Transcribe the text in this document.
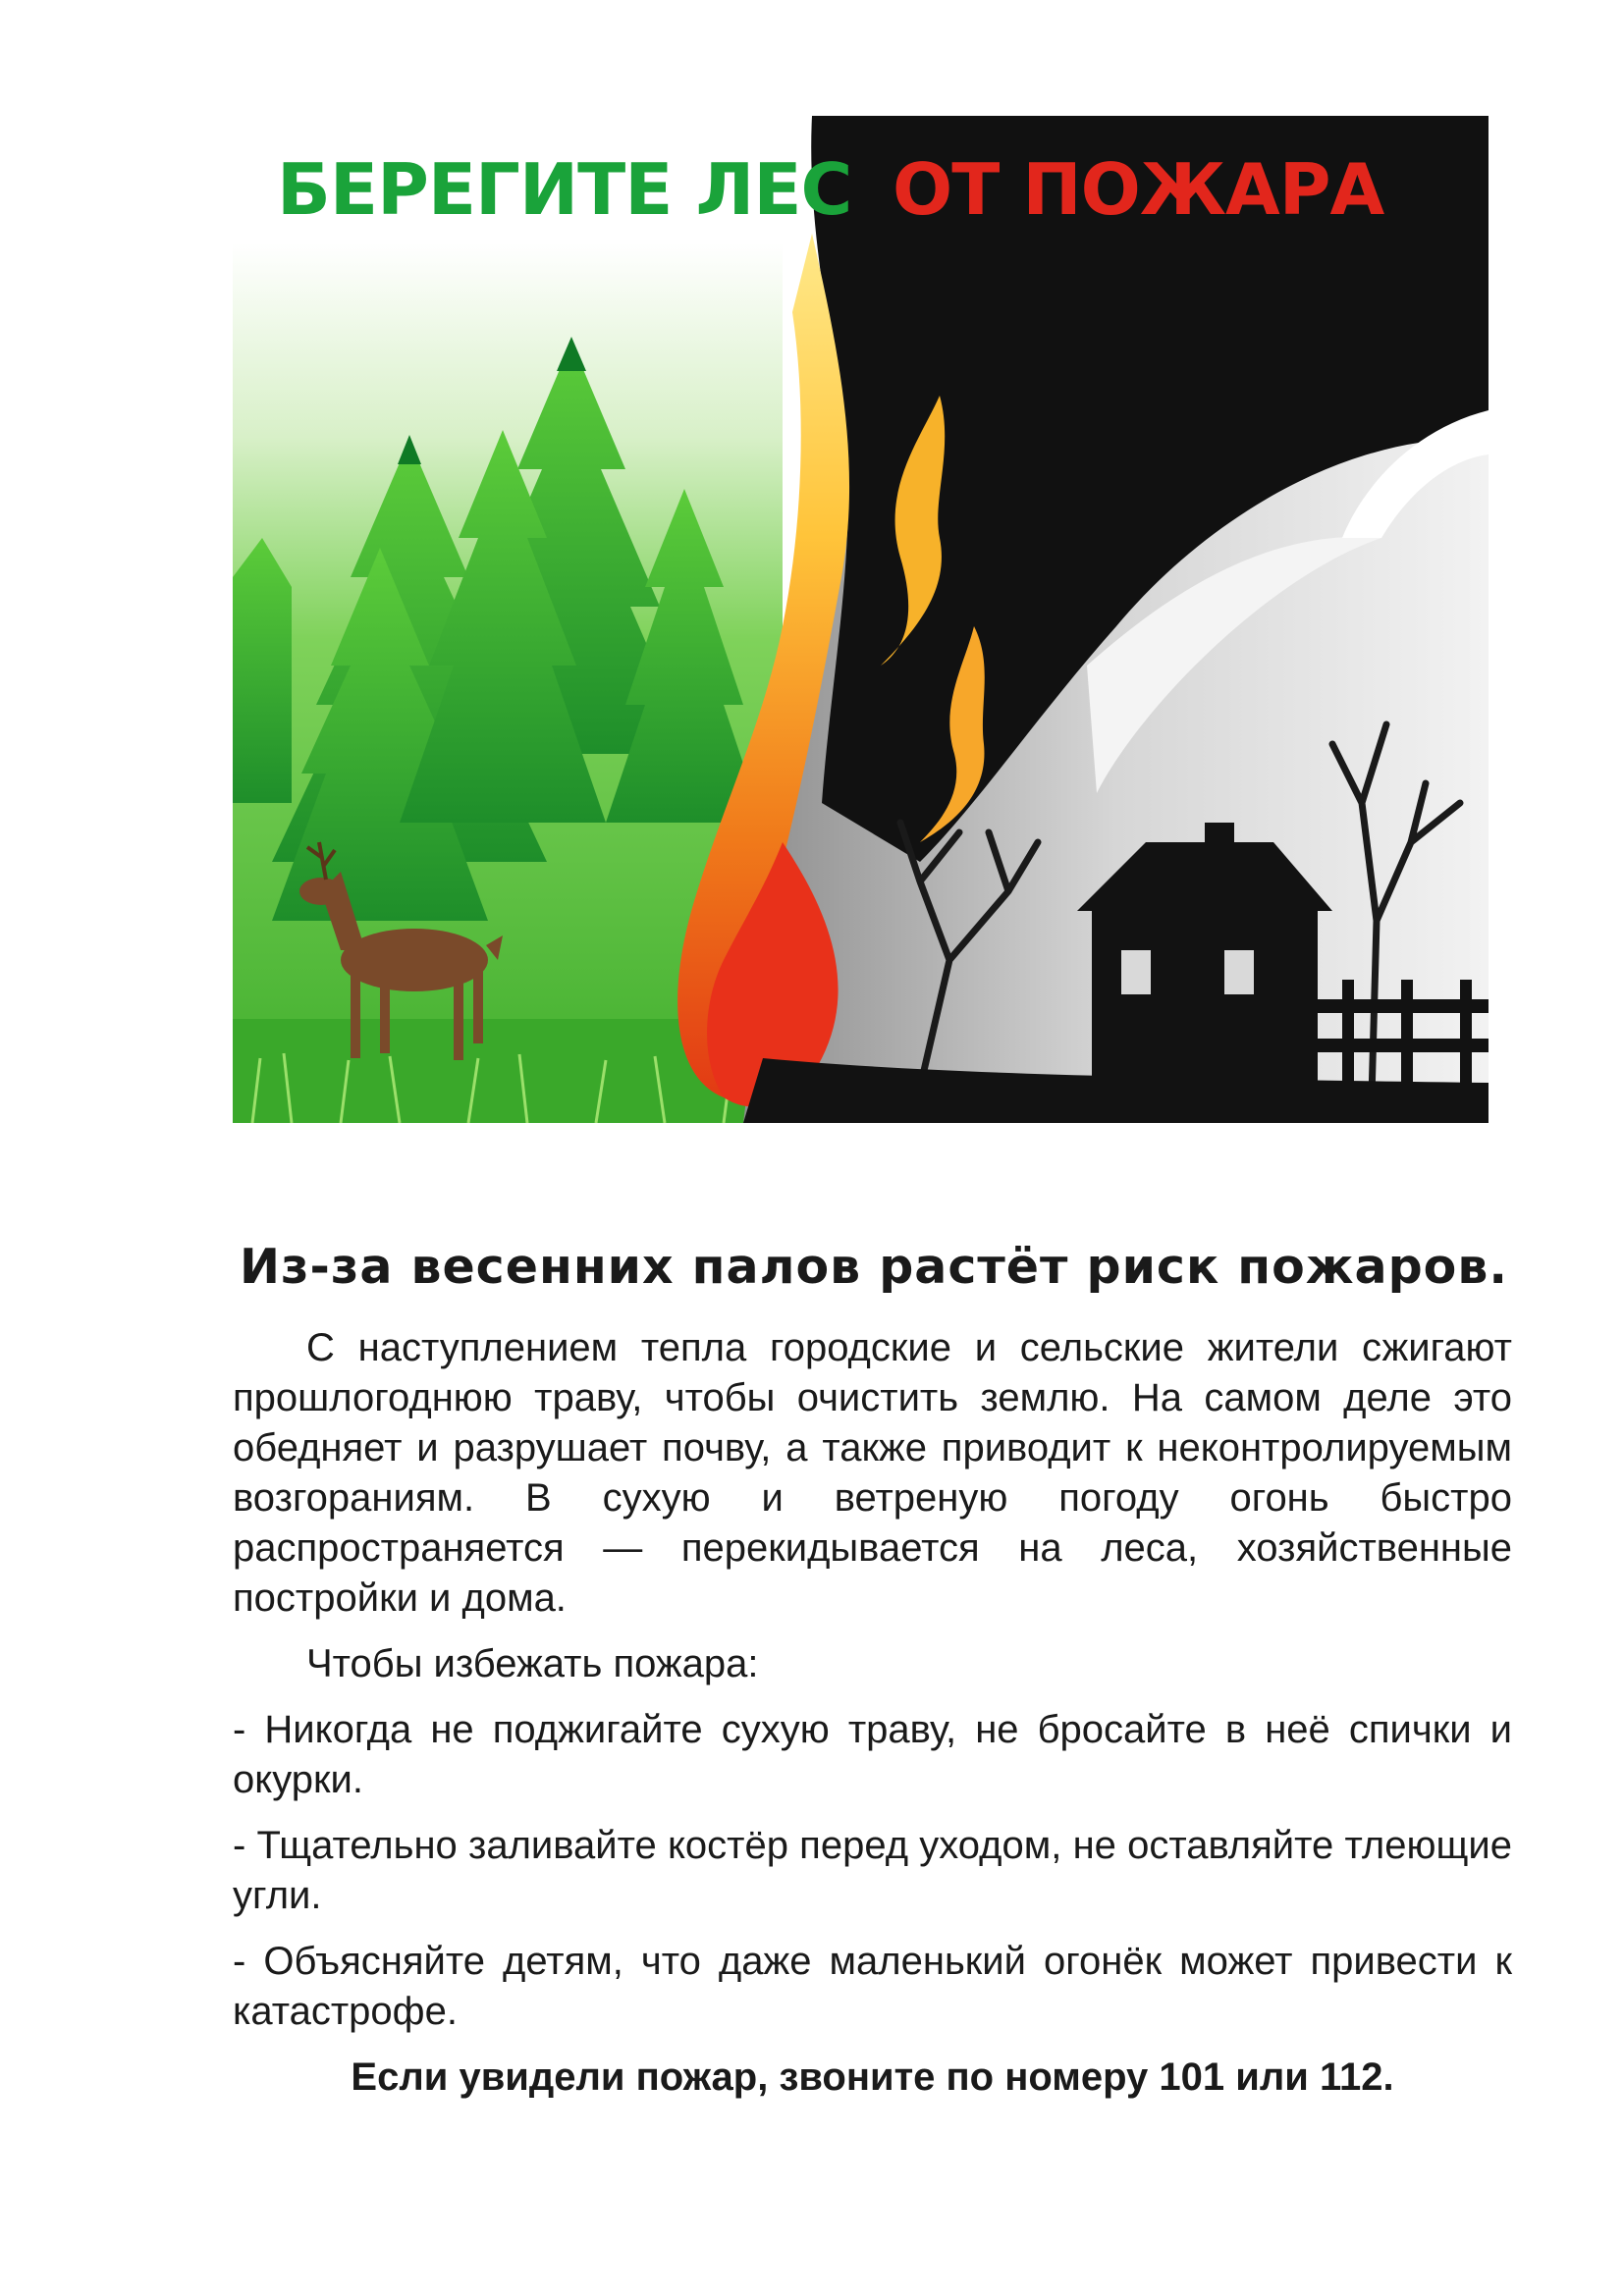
БЕРЕГИТЕ ЛЕС ОТ ПОЖАРА
Из-за весенних палов растёт риск пожаров.

С наступлением тепла городские и сельские жители сжигают прошлогоднюю траву, чтобы очистить землю. На самом деле это обедняет и разрушает почву, а также приводит к неконтролируемым возгораниям. В сухую и ветреную погоду огонь быстро распространяется — перекидывается на леса, хозяйственные постройки и дома.

Чтобы избежать пожара:

- Никогда не поджигайте сухую траву, не бросайте в неё спички и окурки.

- Тщательно заливайте костёр перед уходом, не оставляйте тлеющие угли.

- Объясняйте детям, что даже маленький огонёк может привести к катастрофе.

Если увидели пожар, звоните по номеру 101 или 112.
